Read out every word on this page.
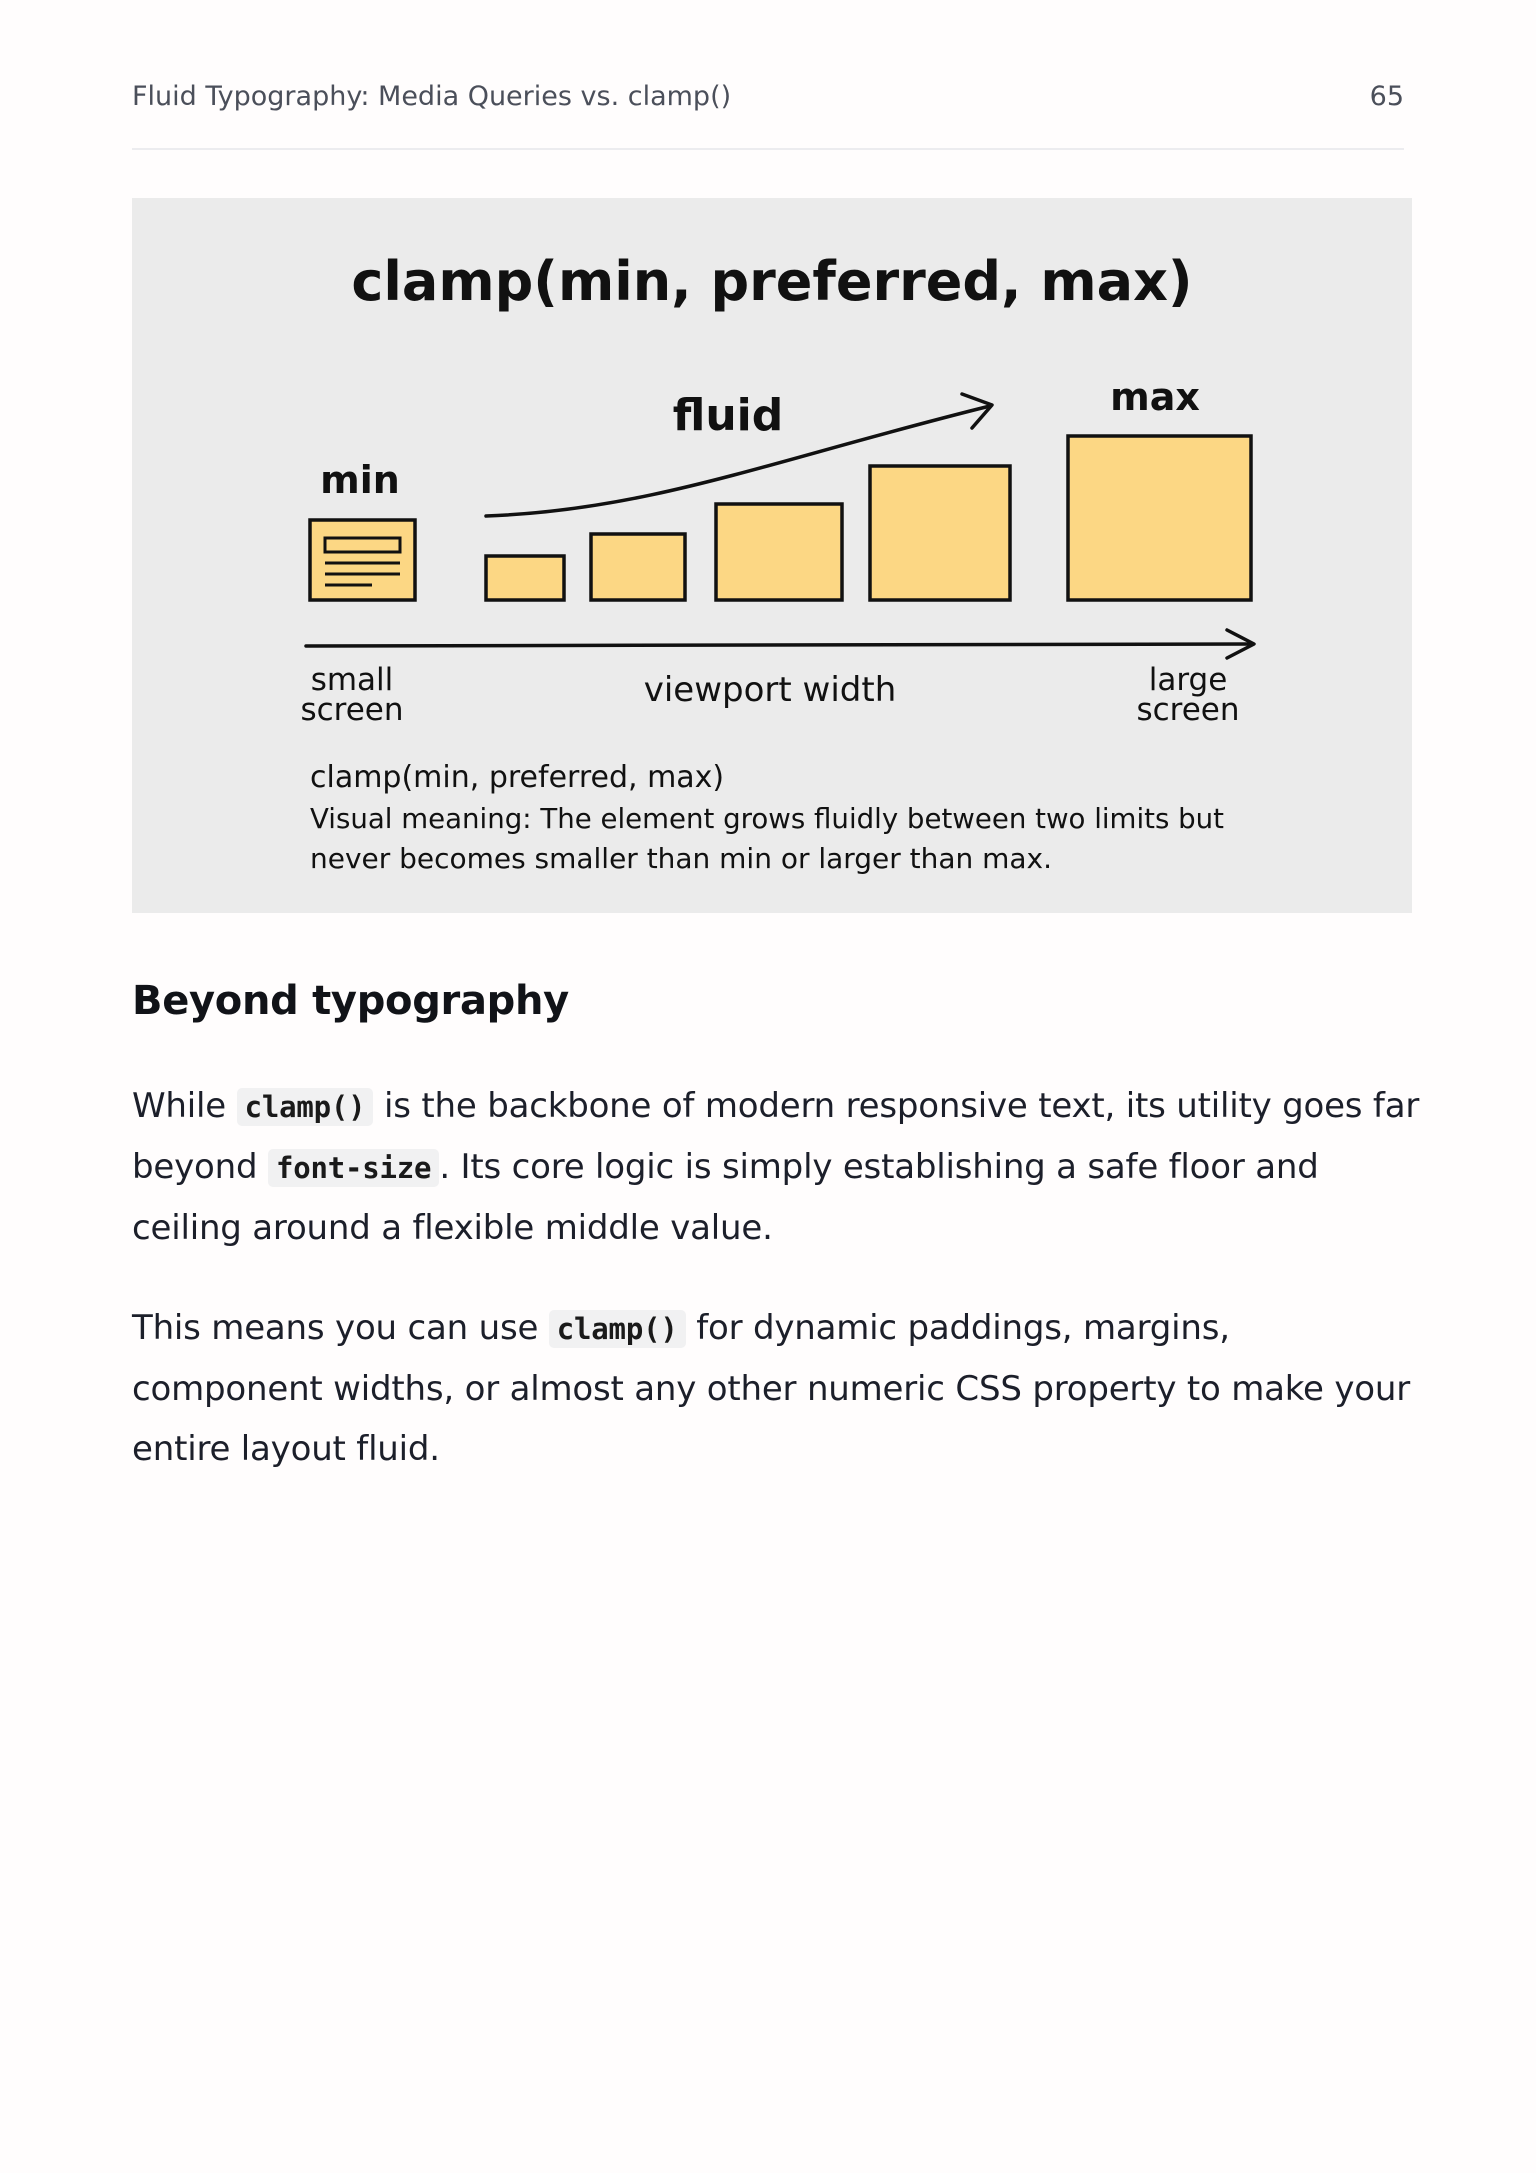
Fluid Typography: Media Queries vs. clamp()	65
clamp(min, preferred, max)
min
fluid	max
small
screen	viewport width	large
screen
clamp(min, preferred, max)
Visual meaning: The element grows fluidly between two limits but
never becomes smaller than min or larger than max.
Beyond typography

While clamp() is the backbone of modern responsive text, its utility goes far beyond font-size . Its core logic is simply establishing a safe floor and ceiling around a flexible middle value.

This means you can use clamp() for dynamic paddings, margins, component widths, or almost any other numeric CSS property to make your entire layout fluid.
